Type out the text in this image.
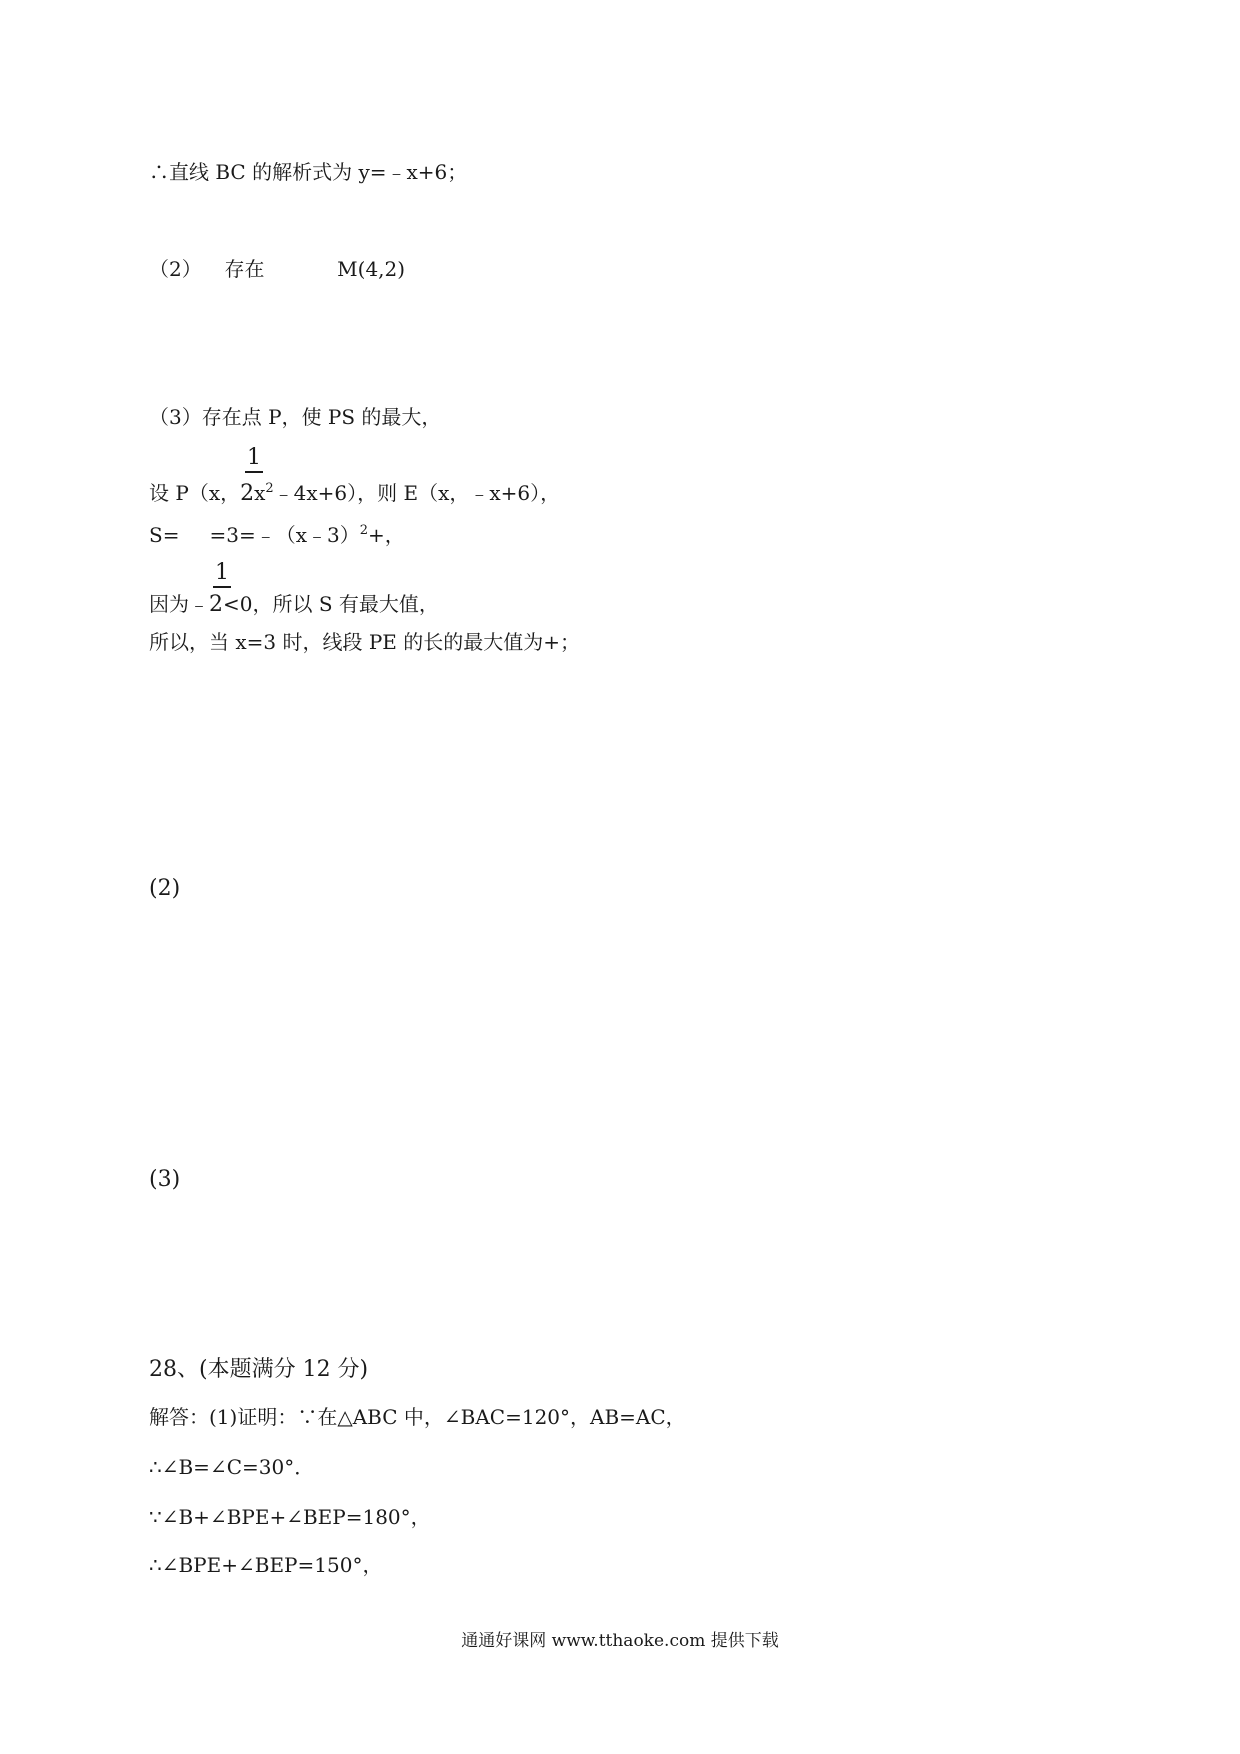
∴直线 BC 的解析式为 y=﹣x+6；
（2） 存在	M(4,2)
（3）存在点 P，使 PS 的最大，
1
设 P（x，$2x^2﹣4x+6$），则 E（x，﹣x+6），
S= =3=﹣（x﹣3）$^2$+，
1
因为﹣2<0，所以 S 有最大值，
所以，当 x=3 时，线段 PE 的长的最大值为+；
(2)
(3)
28、(本题满分 12 分)
解答：(1)证明：∵在△ABC 中，∠BAC=120°，AB=AC，
∴∠B=∠C=30°．
∵∠B+∠BPE+∠BEP=180°，
∴∠BPE+∠BEP=150°，
通通好课网 www.tthaoke.com 提供下载
